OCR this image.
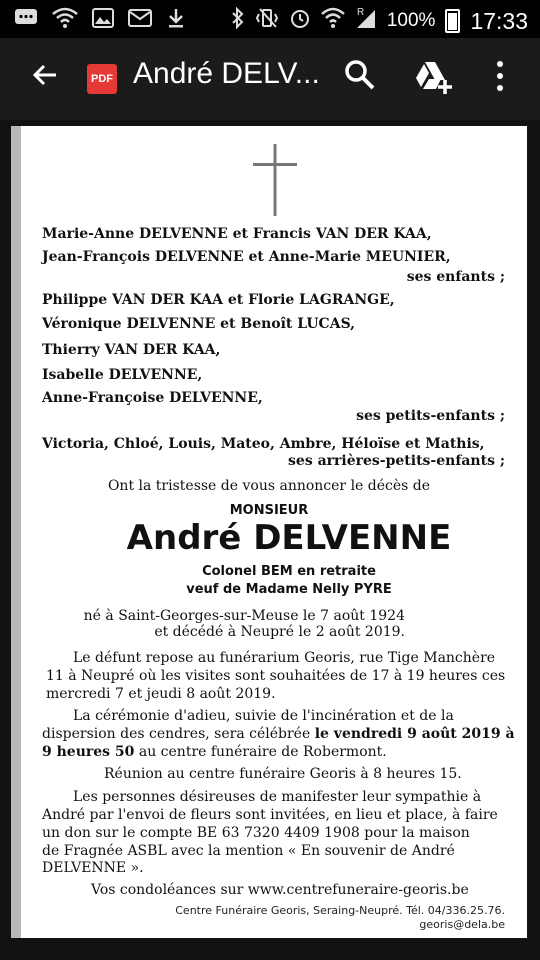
R 100% 17:33
PDF André DELV...
Marie-Anne DELVENNE et Francis VAN DER KAA,
Jean-François DELVENNE et Anne-Marie MEUNIER,
ses enfants ;
Philippe VAN DER KAA et Florie LAGRANGE,
Véronique DELVENNE et Benoît LUCAS,
Thierry VAN DER KAA,
Isabelle DELVENNE,
Anne-Françoise DELVENNE,
ses petits-enfants ;
Victoria, Chloé, Louis, Mateo, Ambre, Héloïse et Mathis,
ses arrières-petits-enfants ;
Ont la tristesse de vous annoncer le décès de
MONSIEUR
André DELVENNE
Colonel BEM en retraite
veuf de Madame Nelly PYRE
né à Saint-Georges-sur-Meuse le 7 août 1924
et décédé à Neupré le 2 août 2019.
Le défunt repose au funérarium Georis, rue Tige Manchère
11 à Neupré où les visites sont souhaitées de 17 à 19 heures ces
mercredi 7 et jeudi 8 août 2019.
La cérémonie d'adieu, suivie de l'incinération et de la
dispersion des cendres, sera célébrée le vendredi 9 août 2019 à
9 heures 50 au centre funéraire de Robermont.
Réunion au centre funéraire Georis à 8 heures 15.
Les personnes désireuses de manifester leur sympathie à
André par l'envoi de fleurs sont invitées, en lieu et place, à faire
un don sur le compte BE 63 7320 4409 1908 pour la maison
de Fragnée ASBL avec la mention « En souvenir de André
DELVENNE ».
Vos condoléances sur www.centrefuneraire-georis.be
Centre Funéraire Georis, Seraing-Neupré. Tél. 04/336.25.76.
georis@dela.be
